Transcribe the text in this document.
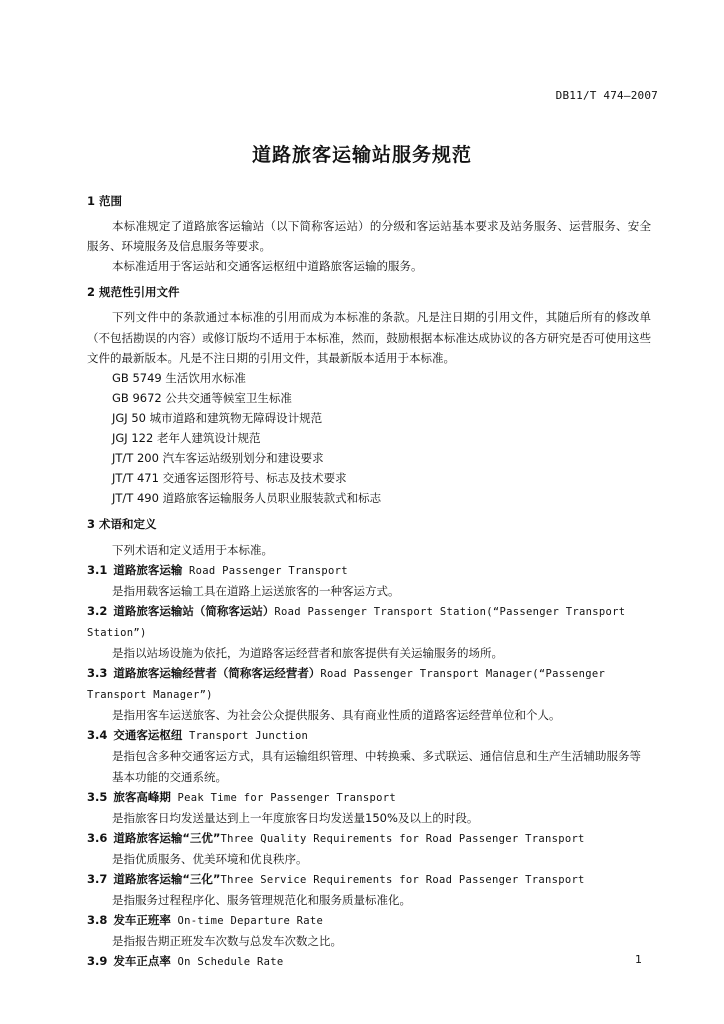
DB11/T 474—2007
道路旅客运输站服务规范
1 范围
本标准规定了道路旅客运输站（以下简称客运站）的分级和客运站基本要求及站务服务、运营服务、安全服务、环境服务及信息服务等要求。
本标准适用于客运站和交通客运枢纽中道路旅客运输的服务。
2 规范性引用文件
下列文件中的条款通过本标准的引用而成为本标准的条款。凡是注日期的引用文件，其随后所有的修改单（不包括勘误的内容）或修订版均不适用于本标准，然而，鼓励根据本标准达成协议的各方研究是否可使用这些文件的最新版本。凡是不注日期的引用文件，其最新版本适用于本标准。
GB 5749 生活饮用水标准
GB 9672 公共交通等候室卫生标准
JGJ 50 城市道路和建筑物无障碍设计规范
JGJ 122 老年人建筑设计规范
JT/T 200 汽车客运站级别划分和建设要求
JT/T 471 交通客运图形符号、标志及技术要求
JT/T 490 道路旅客运输服务人员职业服装款式和标志
3 术语和定义
下列术语和定义适用于本标准。
3.1 道路旅客运输 Road Passenger Transport
是指用载客运输工具在道路上运送旅客的一种客运方式。
3.2 道路旅客运输站（简称客运站）Road Passenger Transport Station(“Passenger Transport Station”)
是指以站场设施为依托，为道路客运经营者和旅客提供有关运输服务的场所。
3.3 道路旅客运输经营者（简称客运经营者）Road Passenger Transport Manager(“Passenger Transport Manager”)
是指用客车运送旅客、为社会公众提供服务、具有商业性质的道路客运经营单位和个人。
3.4 交通客运枢纽 Transport Junction
是指包含多种交通客运方式，具有运输组织管理、中转换乘、多式联运、通信信息和生产生活辅助服务等基本功能的交通系统。
3.5 旅客高峰期 Peak Time for Passenger Transport
是指旅客日均发送量达到上一年度旅客日均发送量150%及以上的时段。
3.6 道路旅客运输“三优”Three Quality Requirements for Road Passenger Transport
是指优质服务、优美环境和优良秩序。
3.7 道路旅客运输“三化”Three Service Requirements for Road Passenger Transport
是指服务过程程序化、服务管理规范化和服务质量标准化。
3.8 发车正班率 On-time Departure Rate
是指报告期正班发车次数与总发车次数之比。
3.9 发车正点率 On Schedule Rate	1
